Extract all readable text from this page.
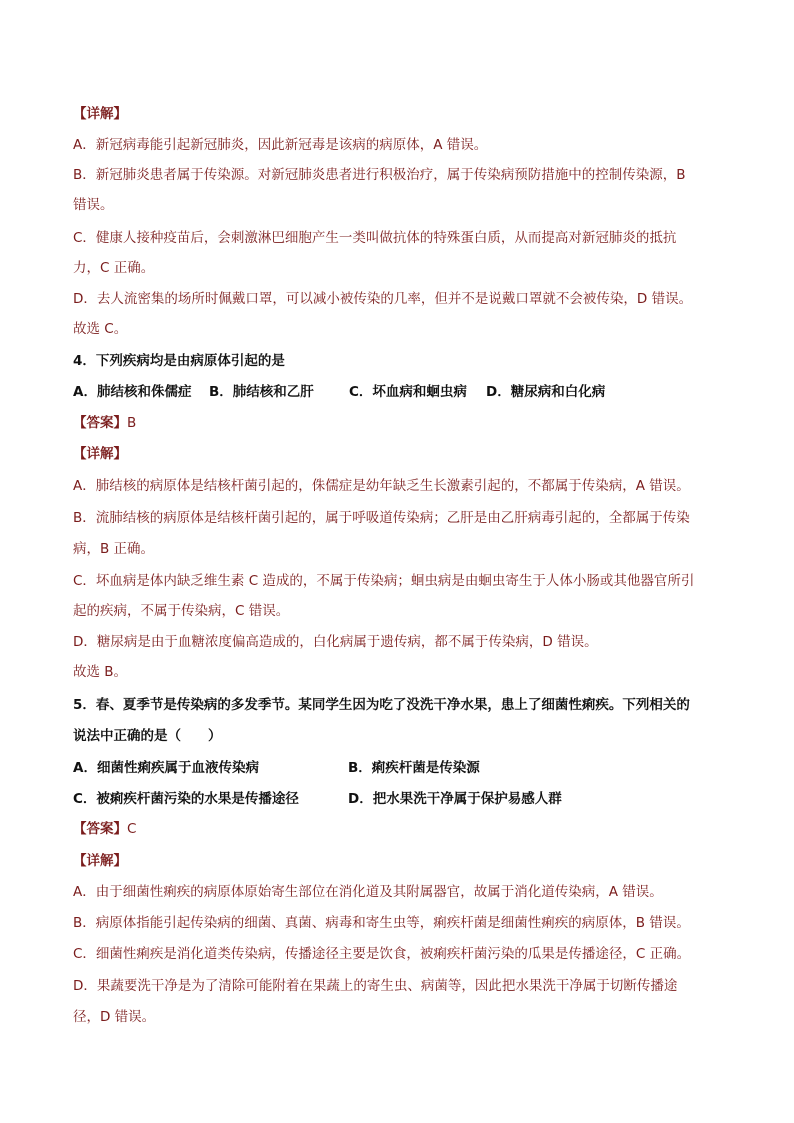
【详解】
A．新冠病毒能引起新冠肺炎，因此新冠毒是该病的病原体，A 错误。
B．新冠肺炎患者属于传染源。对新冠肺炎患者进行积极治疗，属于传染病预防措施中的控制传染源，B
错误。
C．健康人接种疫苗后，会刺激淋巴细胞产生一类叫做抗体的特殊蛋白质，从而提高对新冠肺炎的抵抗
力，C 正确。
D．去人流密集的场所时佩戴口罩，可以减小被传染的几率，但并不是说戴口罩就不会被传染，D 错误。
故选 C。
4．下列疾病均是由病原体引起的是
A．肺结核和侏儒症 B．肺结核和乙肝	C．坏血病和蛔虫病 D．糖尿病和白化病
【答案】B
【详解】
A．肺结核的病原体是结核杆菌引起的，侏儒症是幼年缺乏生长激素引起的，不都属于传染病，A 错误。
B．流肺结核的病原体是结核杆菌引起的，属于呼吸道传染病；乙肝是由乙肝病毒引起的，全都属于传染
病，B 正确。
C．坏血病是体内缺乏维生素 C 造成的，不属于传染病；蛔虫病是由蛔虫寄生于人体小肠或其他器官所引
起的疾病，不属于传染病，C 错误。
D．糖尿病是由于血糖浓度偏高造成的，白化病属于遗传病，都不属于传染病，D 错误。
故选 B。
5．春、夏季节是传染病的多发季节。某同学生因为吃了没洗干净水果，患上了细菌性痢疾。下列相关的
说法中正确的是（　　）
A．细菌性痢疾属于血液传染病	B．痢疾杆菌是传染源
C．被痢疾杆菌污染的水果是传播途径	D．把水果洗干净属于保护易感人群
【答案】C
【详解】
A．由于细菌性痢疾的病原体原始寄生部位在消化道及其附属器官，故属于消化道传染病，A 错误。
B．病原体指能引起传染病的细菌、真菌、病毒和寄生虫等，痢疾杆菌是细菌性痢疾的病原体，B 错误。
C．细菌性痢疾是消化道类传染病，传播途径主要是饮食，被痢疾杆菌污染的瓜果是传播途径，C 正确。
D．果蔬要洗干净是为了清除可能附着在果蔬上的寄生虫、病菌等，因此把水果洗干净属于切断传播途
径，D 错误。
